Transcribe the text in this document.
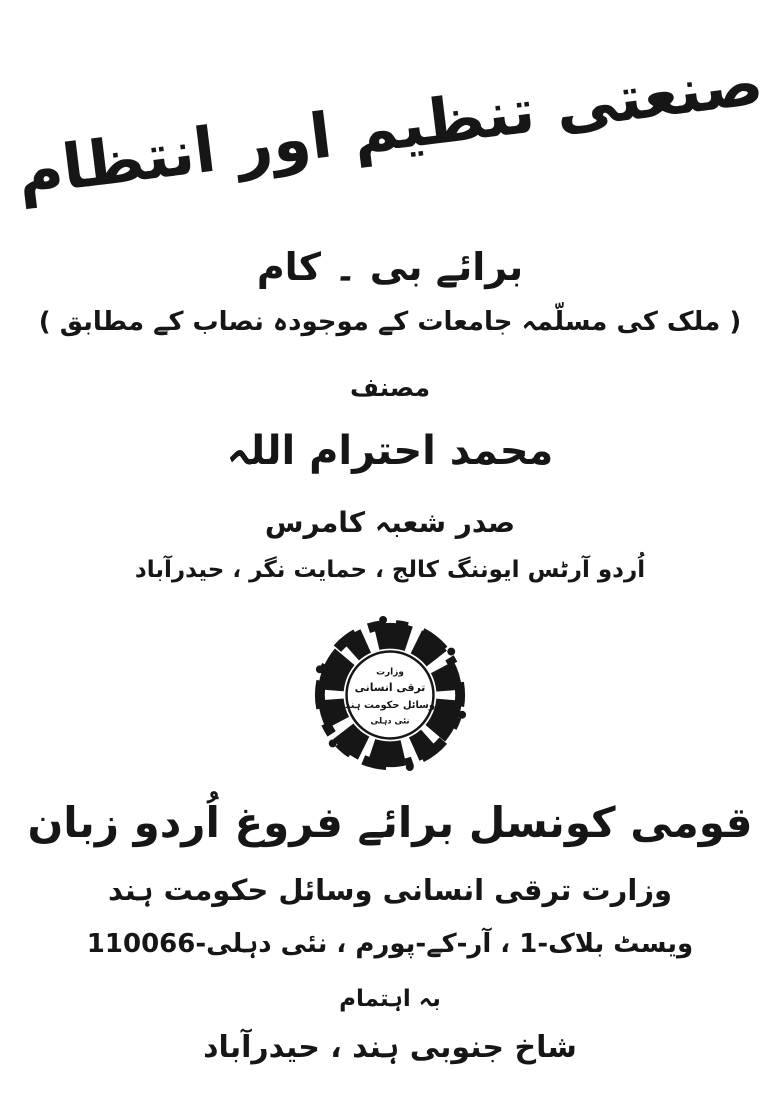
صنعتی تنظیم اور انتظام
برائے بی ۔ کام
( ملک کی مسلّمہ جامعات کے موجودہ نصاب کے مطابق )
مصنف
محمد احترام اللہ
صدر شعبہ کامرس
اُردو آرٹس ایوننگ کالج ، حمایت نگر ، حیدرآباد
وزارت
ترقی انسانی
وسائل حکومت ہند
نئی دہلی
قومی کونسل برائے فروغ اُردو زبان
وزارت ترقی انسانی وسائل حکومت ہند
ویسٹ بلاک-1 ، آر-کے-پورم ، نئی دہلی-110066
بہ اہتمام
شاخ جنوبی ہند ، حیدرآباد
